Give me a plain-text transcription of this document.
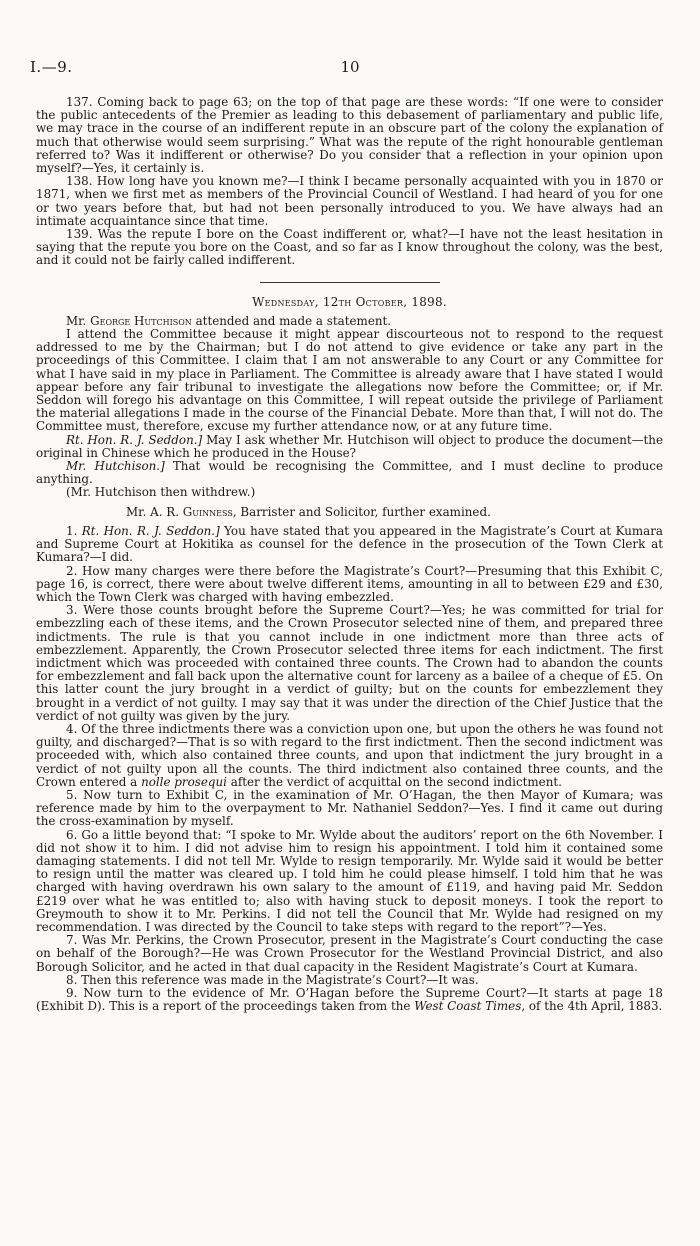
I.—9.	10

137. Coming back to page 63; on the top of that page are these words: “If one were to consider the public antecedents of the Premier as leading to this debasement of parliamentary and public life, we may trace in the course of an indifferent repute in an obscure part of the colony the explanation of much that otherwise would seem surprising.” What was the repute of the right honourable gentleman referred to? Was it indifferent or otherwise? Do you consider that a reflection in your opinion upon myself?—Yes, it certainly is.

138. How long have you known me?—I think I became personally acquainted with you in 1870 or 1871, when we first met as members of the Provincial Council of Westland. I had heard of you for one or two years before that, but had not been personally introduced to you. We have always had an intimate acquaintance since that time.

139. Was the repute I bore on the Coast indifferent or, what?—I have not the least hesitation in saying that the repute you bore on the Coast, and so far as I know throughout the colony, was the best, and it could not be fairly called indifferent.

Wednesday, 12th October, 1898.

Mr. George Hutchison attended and made a statement.

I attend the Committee because it might appear discourteous not to respond to the request addressed to me by the Chairman; but I do not attend to give evidence or take any part in the proceedings of this Committee. I claim that I am not answerable to any Court or any Committee for what I have said in my place in Parliament. The Committee is already aware that I have stated I would appear before any fair tribunal to investigate the allegations now before the Committee; or, if Mr. Seddon will forego his advantage on this Committee, I will repeat outside the privilege of Parliament the material allegations I made in the course of the Financial Debate. More than that, I will not do. The Committee must, therefore, excuse my further attendance now, or at any future time.

Rt. Hon. R. J. Seddon.] May I ask whether Mr. Hutchison will object to produce the document—the original in Chinese which he produced in the House?

Mr. Hutchison.] That would be recognising the Committee, and I must decline to produce anything.

(Mr. Hutchison then withdrew.)

Mr. A. R. Guinness, Barrister and Solicitor, further examined.

1. Rt. Hon. R. J. Seddon.] You have stated that you appeared in the Magistrate’s Court at Kumara and Supreme Court at Hokitika as counsel for the defence in the prosecution of the Town Clerk at Kumara?—I did.

2. How many charges were there before the Magistrate’s Court?—Presuming that this Exhibit C, page 16, is correct, there were about twelve different items, amounting in all to between £29 and £30, which the Town Clerk was charged with having embezzled.

3. Were those counts brought before the Supreme Court?—Yes; he was committed for trial for embezzling each of these items, and the Crown Prosecutor selected nine of them, and prepared three indictments. The rule is that you cannot include in one indictment more than three acts of embezzlement. Apparently, the Crown Prosecutor selected three items for each indictment. The first indictment which was proceeded with contained three counts. The Crown had to abandon the counts for embezzlement and fall back upon the alternative count for larceny as a bailee of a cheque of £5. On this latter count the jury brought in a verdict of guilty; but on the counts for embezzlement they brought in a verdict of not guilty. I may say that it was under the direction of the Chief Justice that the verdict of not guilty was given by the jury.

4. Of the three indictments there was a conviction upon one, but upon the others he was found not guilty, and discharged?—That is so with regard to the first indictment. Then the second indictment was proceeded with, which also contained three counts, and upon that indictment the jury brought in a verdict of not guilty upon all the counts. The third indictment also contained three counts, and the Crown entered a nolle prosequi after the verdict of acquittal on the second indictment.

5. Now turn to Exhibit C, in the examination of Mr. O’Hagan, the then Mayor of Kumara; was reference made by him to the overpayment to Mr. Nathaniel Seddon?—Yes. I find it came out during the cross-examination by myself.

6. Go a little beyond that: “I spoke to Mr. Wylde about the auditors’ report on the 6th November. I did not show it to him. I did not advise him to resign his appointment. I told him it contained some damaging statements. I did not tell Mr. Wylde to resign temporarily. Mr. Wylde said it would be better to resign until the matter was cleared up. I told him he could please himself. I told him that he was charged with having overdrawn his own salary to the amount of £119, and having paid Mr. Seddon £219 over what he was entitled to; also with having stuck to deposit moneys. I took the report to Greymouth to show it to Mr. Perkins. I did not tell the Council that Mr. Wylde had resigned on my recommendation. I was directed by the Council to take steps with regard to the report”?—Yes.

7. Was Mr. Perkins, the Crown Prosecutor, present in the Magistrate’s Court conducting the case on behalf of the Borough?—He was Crown Prosecutor for the Westland Provincial District, and also Borough Solicitor, and he acted in that dual capacity in the Resident Magistrate’s Court at Kumara.

8. Then this reference was made in the Magistrate’s Court?—It was.

9. Now turn to the evidence of Mr. O’Hagan before the Supreme Court?—It starts at page 18 (Exhibit D). This is a report of the proceedings taken from the West Coast Times, of the 4th April, 1883.
